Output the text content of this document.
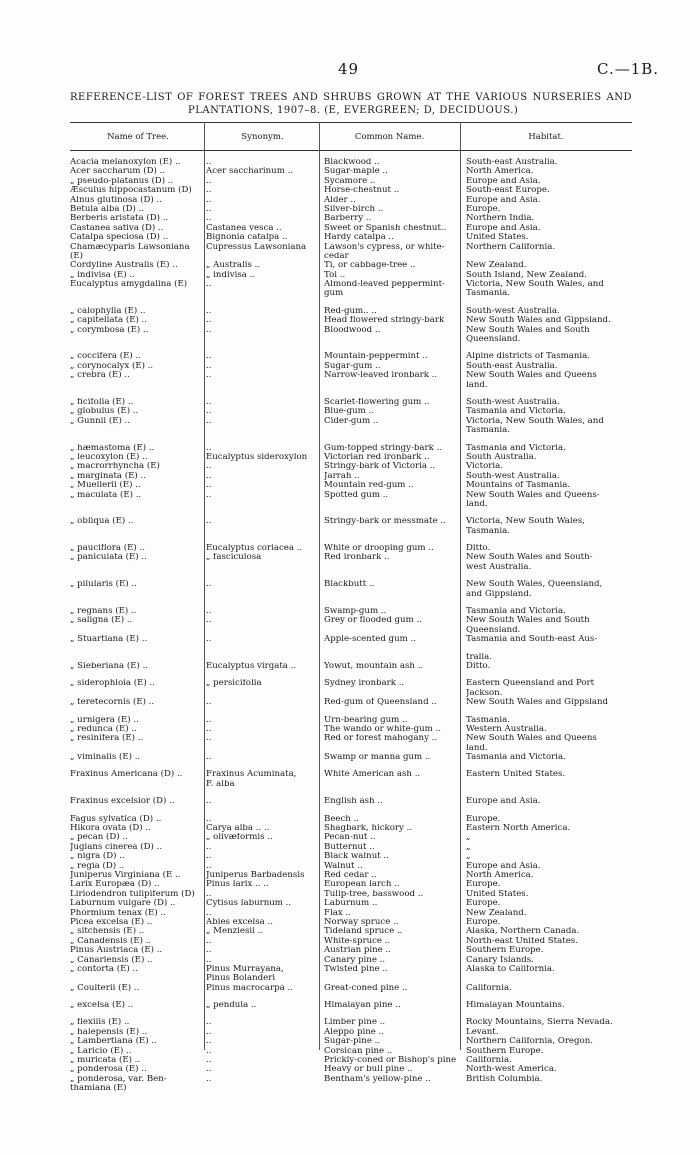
49	C.—1B.
REFERENCE-LIST OF FOREST TREES AND SHRUBS GROWN AT THE VARIOUS NURSERIES AND
PLANTATIONS, 1907–8. (E, EVERGREEN; D, DECIDUOUS.)
Name of Tree.	Synonym.	Common Name.	Habitat.
Acacia melanoxylon (E) ..	..	Blackwood ..	South-east Australia.
Acer saccharum (D) ..	Acer saccharinum ..	Sugar-maple ..	North America.
„ pseudo-platanus (D) ..	..	Sycamore ..	Europe and Asia.
Æsculus hippocastanum (D)	..	Horse-chestnut ..	South-east Europe.
Alnus glutinosa (D) ..	..	Alder ..	Europe and Asia.
Betula alba (D) ..	..	Silver-birch ..	Europe.
Berberis aristata (D) ..	..	Barberry ..	Northern India.
Castanea sativa (D) ..	Castanea vesca ..	Sweet or Spanish chestnut..	Europe and Asia.
Catalpa speciosa (D) ..	Bignonia catalpa ..	Hardy catalpa ..	United States.
Chamæcyparis Lawsoniana	Cupressus Lawsoniana	Lawson's cypress, or white-	Northern California.
(E)	cedar
Cordyline Australis (E) ..	„ Australis ..	Ti, or cabbage-tree ..	New Zealand.
„ indivisa (E) ..	„ indivisa ..	Toi ..	South Island, New Zealand.
Eucalyptus amygdalina (E)	..	Almond-leaved peppermint-	Victoria, New South Wales, and
gum	Tasmania.
„ calophylla (E) ..	..	Red-gum.. ..	South-west Australia.
„ capitellata (E) ..	..	Head flowered stringy-bark	New South Wales and Gippsland.
„ corymbosa (E) ..	..	Bloodwood ..	New South Wales and South
Queensland.
„ coccifera (E) ..	..	Mountain-peppermint ..	Alpine districts of Tasmania.
„ corynocalyx (E) ..	..	Sugar-gum ..	South-east Australia.
„ crebra (E) ..	..	Narrow-leaved ironbark ..	New South Wales and Queens
land.
„ ficifolia (E) ..	..	Scarlet-flowering gum ..	South-west Australia.
„ globulus (E) ..	..	Blue-gum ..	Tasmania and Victoria.
„ Gunnii (E) ..	..	Cider-gum ..	Victoria, New South Wales, and
Tasmania.
„ hæmastoma (E) ..	..	Gum-topped stringy-bark ..	Tasmania and Victoria.
„ leucoxylon (E) ..	Eucalyptus sideroxylon	Victorian red ironbark ..	South Australia.
„ macrorrhyncha (E)	..	Stringy-bark of Victoria ..	Victoria.
„ marginata (E) ..	..	Jarrah ..	South-west Australia.
„ Muellerii (E) ..	..	Mountain red-gum ..	Mountains of Tasmania.
„ maculata (E) ..	..	Spotted gum ..	New South Wales and Queens-
land.
„ obliqua (E) ..	..	Stringy-bark or messmate ..	Victoria, New South Wales,
Tasmania.
„ pauciflora (E) ..	Eucalyptus coriacea ..	White or drooping gum ..	Ditto.
„ paniculata (E) ..	„ fasciculosa	Red ironbark ..	New South Wales and South-
west Australia.
„ pilularis (E) ..	..	Blackbutt ..	New South Wales, Queensland,
and Gippsland.
„ regnans (E) ..	..	Swamp-gum ..	Tasmania and Victoria.
„ saligna (E) ..	..	Grey or flooded gum ..	New South Wales and South
Queensland.
„ Stuartiana (E) ..	..	Apple-scented gum ..	Tasmania and South-east Aus-
tralia.
„ Sieberiana (E) ..	Eucalyptus virgata ..	Yowut, mountain ash ..	Ditto.
„ siderophloia (E) ..	„ persicifolia	Sydney ironbark ..	Eastern Queensland and Port
Jackson.
„ teretecornis (E) ..	..	Red-gum of Queensland ..	New South Wales and Gippsland
„ urnigera (E) ..	..	Urn-bearing gum ..	Tasmania.
„ redunca (E) ..	..	The wando or white-gum ..	Western Australia.
„ resinifera (E) ..	..	Red or forest mahogany ..	New South Wales and Queens
land.
„ viminalis (E) ..	..	Swamp or manna gum ..	Tasmania and Victoria.
Fraxinus Americana (D) ..	Fraxinus Acuminata,	White American ash ..	Eastern United States.
F. alba
Fraxinus excelsior (D) ..	..	English ash ..	Europe and Asia.
Fagus sylvatica (D) ..	..	Beech ..	Europe.
Hikora ovata (D) ..	Carya alba .. ..	Shagbark, hickory ..	Eastern North America.
„ pecan (D) ..	„ olivæformis ..	Pecan-nut ..	„
Juglans cinerea (D) ..	..	Butternut ..	„
„ nigra (D) ..	..	Black walnut ..	„
„ regia (D) ..	..	Walnut ..	Europe and Asia.
Juniperus Virginiana (E ..	Juniperus Barbadensis	Red cedar ..	North America.
Larix Europæa (D) ..	Pinus larix .. ..	European larch ..	Europe.
Liriodendron tulipiferum (D)	..	Tulip-tree, basswood ..	United States.
Laburnum vulgare (D) ..	Cytisus laburnum ..	Laburnum ..	Europe.
Phormium tenax (E) ..	..	Flax ..	New Zealand.
Picea excelsa (E) ..	Abies excelsa ..	Norway spruce ..	Europe.
„ sitchensis (E) ..	„ Menziesii ..	Tideland spruce ..	Alaska, Northern Canada.
„ Canadensis (E) ..	..	White-spruce ..	North-east United States.
Pinus Austriaca (E) ..	..	Austrian pine ..	Southern Europe.
„ Canariensis (E) ..	..	Canary pine ..	Canary Islands.
„ contorta (E) ..	Pinus Murrayana,	Twisted pine ..	Alaska to California.
Pinus Bolanderi
„ Coulterii (E) ..	Pinus macrocarpa ..	Great-coned pine ..	California.
„ excelsa (E) ..	„ pendula ..	Himalayan pine ..	Himalayan Mountains.
„ flexilis (E) ..	..	Limber pine ..	Rocky Mountains, Sierra Nevada.
„ halepensis (E) ..	..	Aleppo pine ..	Levant.
„ Lambertiana (E) ..	..	Sugar-pine ..	Northern California, Oregon.
„ Laricio (E) ..	..	Corsican pine ..	Southern Europe.
„ muricata (E) ..	..	Prickly-coned or Bishop's pine	California.
„ ponderosa (E) ..	..	Heavy or bull pine ..	North-west America.
„ ponderosa, var. Ben-	..	Bentham's yellow-pine ..	British Columbia.
thamiana (E)
